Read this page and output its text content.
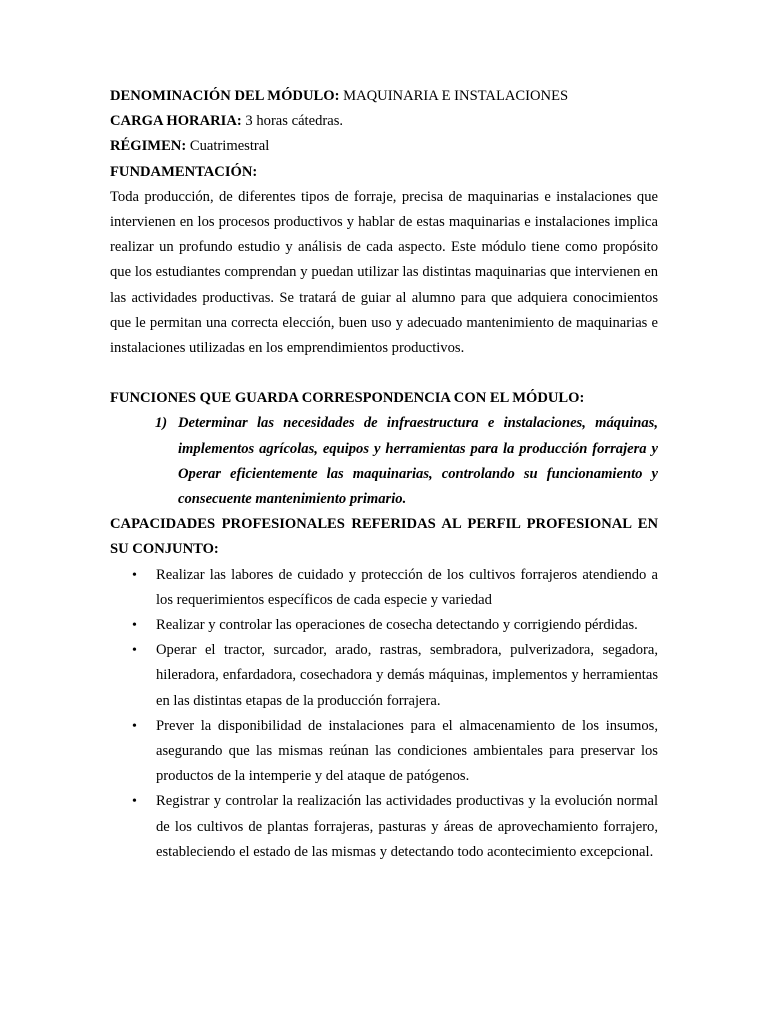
DENOMINACIÓN DEL MÓDULO: MAQUINARIA E INSTALACIONES

CARGA HORARIA: 3 horas cátedras.

RÉGIMEN: Cuatrimestral

FUNDAMENTACIÓN:

Toda producción, de diferentes tipos de forraje, precisa de maquinarias e instalaciones que intervienen en los procesos productivos y hablar de estas maquinarias e instalaciones implica realizar un profundo estudio y análisis de cada aspecto. Este módulo tiene como propósito que los estudiantes comprendan y puedan utilizar las distintas maquinarias que intervienen en las actividades productivas. Se tratará de guiar al alumno para que adquiera conocimientos que le permitan una correcta elección, buen uso y adecuado mantenimiento de maquinarias e instalaciones utilizadas en los emprendimientos productivos.

FUNCIONES QUE GUARDA CORRESPONDENCIA CON EL MÓDULO:

1) Determinar las necesidades de infraestructura e instalaciones, máquinas, implementos agrícolas, equipos y herramientas para la producción forrajera y Operar eficientemente las maquinarias, controlando su funcionamiento y consecuente mantenimiento primario.

CAPACIDADES PROFESIONALES REFERIDAS AL PERFIL PROFESIONAL EN SU CONJUNTO:

• Realizar las labores de cuidado y protección de los cultivos forrajeros atendiendo a los requerimientos específicos de cada especie y variedad
• Realizar y controlar las operaciones de cosecha detectando y corrigiendo pérdidas.
• Operar el tractor, surcador, arado, rastras, sembradora, pulverizadora, segadora, hileradora, enfardadora, cosechadora y demás máquinas, implementos y herramientas en las distintas etapas de la producción forrajera.
• Prever la disponibilidad de instalaciones para el almacenamiento de los insumos, asegurando que las mismas reúnan las condiciones ambientales para preservar los productos de la intemperie y del ataque de patógenos.
• Registrar y controlar la realización las actividades productivas y la evolución normal de los cultivos de plantas forrajeras, pasturas y áreas de aprovechamiento forrajero, estableciendo el estado de las mismas y detectando todo acontecimiento excepcional.
